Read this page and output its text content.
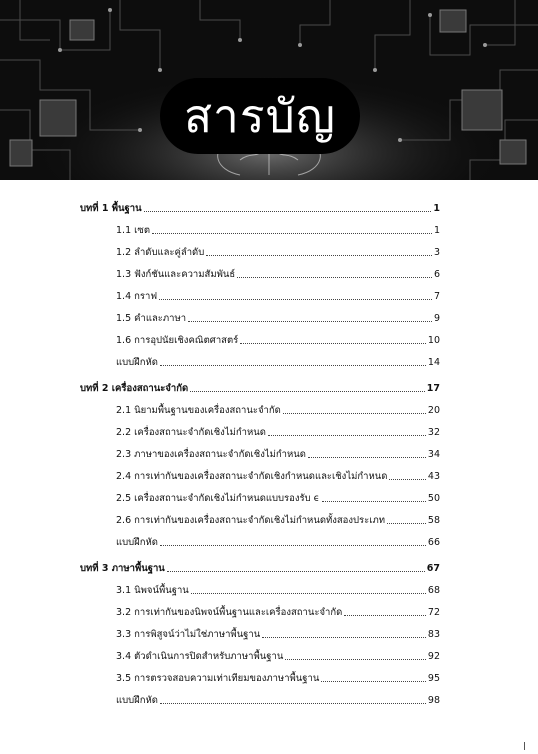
สารบัญ
บทที่ 1 พื้นฐาน	1
1.1 เซต	1
1.2 ลำดับและคู่ลำดับ	3
1.3 ฟังก์ชันและความสัมพันธ์	6
1.4 กราฟ	7
1.5 คำและภาษา	9
1.6 การอุปนัยเชิงคณิตศาสตร์	10
แบบฝึกหัด	14
บทที่ 2 เครื่องสถานะจำกัด	17
2.1 นิยามพื้นฐานของเครื่องสถานะจำกัด	20
2.2 เครื่องสถานะจำกัดเชิงไม่กำหนด	32
2.3 ภาษาของเครื่องสถานะจำกัดเชิงไม่กำหนด	34
2.4 การเท่ากันของเครื่องสถานะจำกัดเชิงกำหนดและเชิงไม่กำหนด	43
2.5 เครื่องสถานะจำกัดเชิงไม่กำหนดแบบรองรับ ϵ	50
2.6 การเท่ากันของเครื่องสถานะจำกัดเชิงไม่กำหนดทั้งสองประเภท	58
แบบฝึกหัด	66
บทที่ 3 ภาษาพื้นฐาน	67
3.1 นิพจน์พื้นฐาน	68
3.2 การเท่ากันของนิพจน์พื้นฐานและเครื่องสถานะจำกัด	72
3.3 การพิสูจน์ว่าไม่ใช่ภาษาพื้นฐาน	83
3.4 ตัวดำเนินการปิดสำหรับภาษาพื้นฐาน	92
3.5 การตรวจสอบความเท่าเทียมของภาษาพื้นฐาน	95
แบบฝึกหัด	98
